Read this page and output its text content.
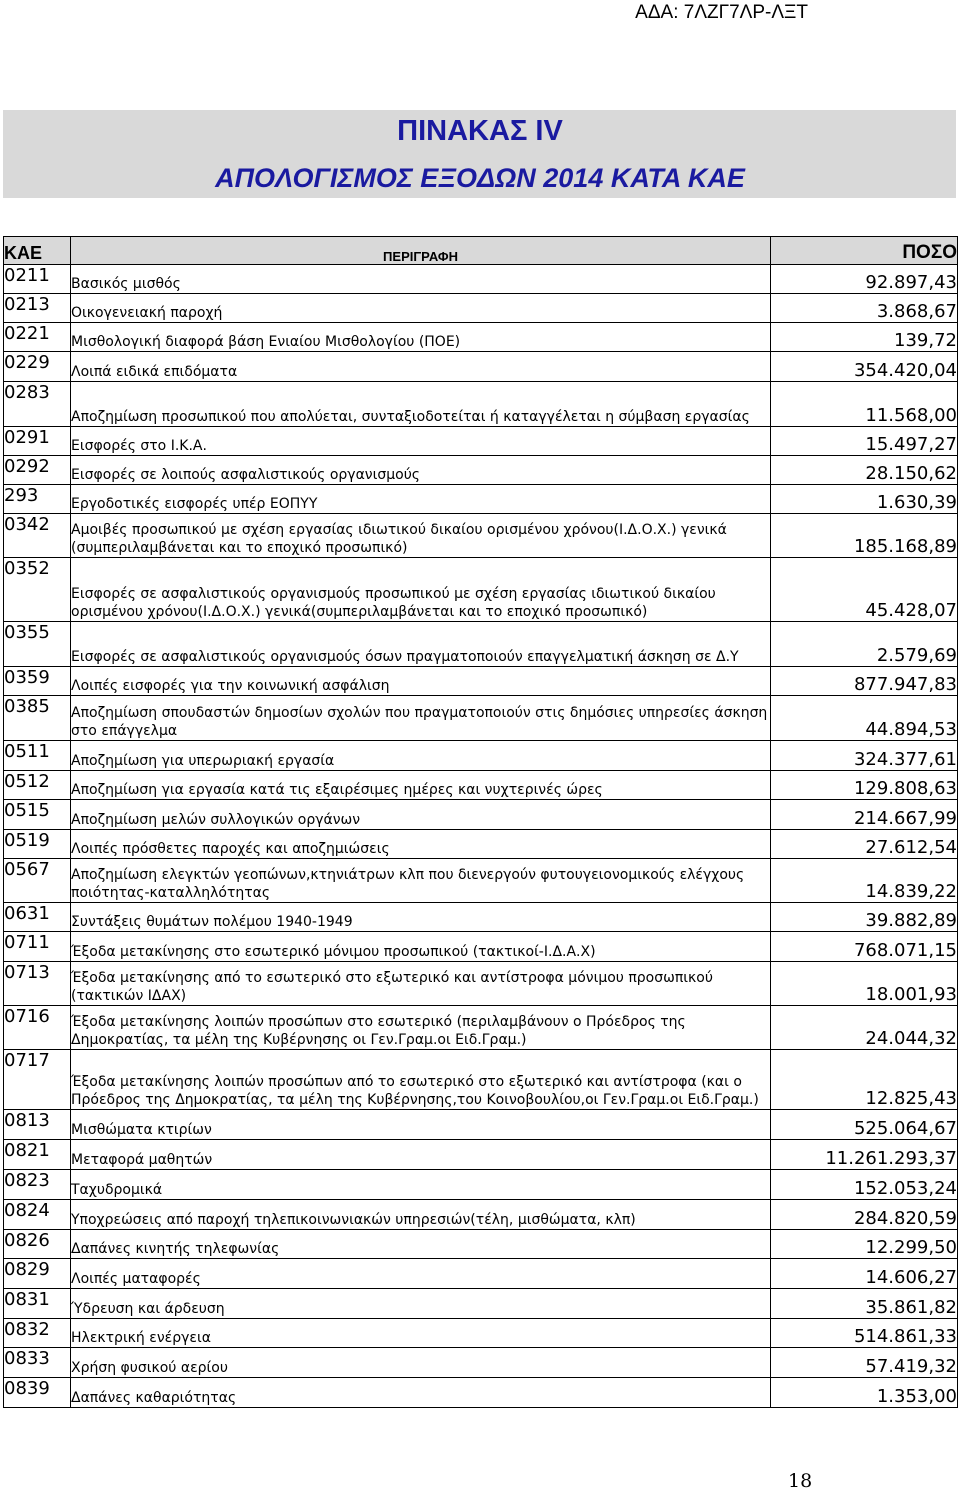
ΑΔΑ: 7ΛΖΓ7ΛΡ-ΛΞΤ
ΠΙΝΑΚΑΣ IV
ΑΠΟΛΟΓΙΣΜΟΣ ΕΞΟΔΩΝ 2014 ΚΑΤΑ ΚΑΕ
ΚΑΕ	ΠΕΡΙΓΡΑΦΗ	ΠΟΣΟ
0211	Βασικός μισθός	92.897,43
0213	Οικογενειακή παροχή	3.868,67
0221	Μισθολογική διαφορά βάση Ενιαίου Μισθολογίου (ΠΟΕ)	139,72
0229	Λοιπά ειδικά επιδόματα	354.420,04
0283	Αποζημίωση προσωπικού που απολύεται, συνταξιοδοτείται ή καταγγέλεται η σύμβαση εργασίας	11.568,00
0291	Εισφορές στο Ι.Κ.Α.	15.497,27
0292	Εισφορές σε λοιπούς ασφαλιστικούς οργανισμούς	28.150,62
293	Εργοδοτικές εισφορές υπέρ ΕΟΠΥΥ	1.630,39
0342	Αμοιβές προσωπικού με σχέση εργασίας ιδιωτικού δικαίου ορισμένου χρόνου(Ι.Δ.Ο.Χ.) γενικά (συμπεριλαμβάνεται και το εποχικό προσωπικό)	185.168,89
0352	Εισφορές σε ασφαλιστικούς οργανισμούς προσωπικού με σχέση εργασίας ιδιωτικού δικαίου ορισμένου χρόνου(Ι.Δ.Ο.Χ.) γενικά(συμπεριλαμβάνεται και το εποχικό προσωπικό)	45.428,07
0355	Εισφορές σε ασφαλιστικούς οργανισμούς όσων πραγματοποιούν επαγγελματική άσκηση σε Δ.Υ	2.579,69
0359	Λοιπές εισφορές για την κοινωνική ασφάλιση	877.947,83
0385	Αποζημίωση σπουδαστών δημοσίων σχολών που πραγματοποιούν στις δημόσιες υπηρεσίες άσκηση στο επάγγελμα	44.894,53
0511	Αποζημίωση για υπερωριακή εργασία	324.377,61
0512	Αποζημίωση για εργασία κατά τις εξαιρέσιμες ημέρες και νυχτερινές ώρες	129.808,63
0515	Αποζημίωση μελών συλλογικών οργάνων	214.667,99
0519	Λοιπές πρόσθετες παροχές και αποζημιώσεις	27.612,54
0567	Αποζημίωση ελεγκτών γεοπώνων,κτηνιάτρων κλπ που διενεργούν φυτουγειονομικούς ελέγχους ποιότητας-καταλληλότητας	14.839,22
0631	Συντάξεις θυμάτων πολέμου 1940-1949	39.882,89
0711	Έξοδα μετακίνησης στο εσωτερικό μόνιμου προσωπικού (τακτικοί-Ι.Δ.Α.Χ)	768.071,15
0713	Έξοδα μετακίνησης από το εσωτερικό στο εξωτερικό και αντίστροφα μόνιμου προσωπικού (τακτικών ΙΔΑΧ)	18.001,93
0716	Έξοδα μετακίνησης λοιπών προσώπων στο εσωτερικό (περιλαμβάνουν ο Πρόεδρος της Δημοκρατίας, τα μέλη της Κυβέρνησης οι Γεν.Γραμ.οι Ειδ.Γραμ.)	24.044,32
0717	Έξοδα μετακίνησης λοιπών προσώπων από το εσωτερικό στο εξωτερικό και αντίστροφα (και ο Πρόεδρος της Δημοκρατίας, τα μέλη της Κυβέρνησης,του Κοινοβουλίου,οι Γεν.Γραμ.οι Ειδ.Γραμ.)	12.825,43
0813	Μισθώματα κτιρίων	525.064,67
0821	Μεταφορά μαθητών	11.261.293,37
0823	Ταχυδρομικά	152.053,24
0824	Υποχρεώσεις από παροχή τηλεπικοινωνιακών υπηρεσιών(τέλη, μισθώματα, κλπ)	284.820,59
0826	Δαπάνες κινητής τηλεφωνίας	12.299,50
0829	Λοιπές ματαφορές	14.606,27
0831	Ύδρευση και άρδευση	35.861,82
0832	Ηλεκτρική ενέργεια	514.861,33
0833	Χρήση φυσικού αερίου	57.419,32
0839	Δαπάνες καθαριότητας	1.353,00
18
